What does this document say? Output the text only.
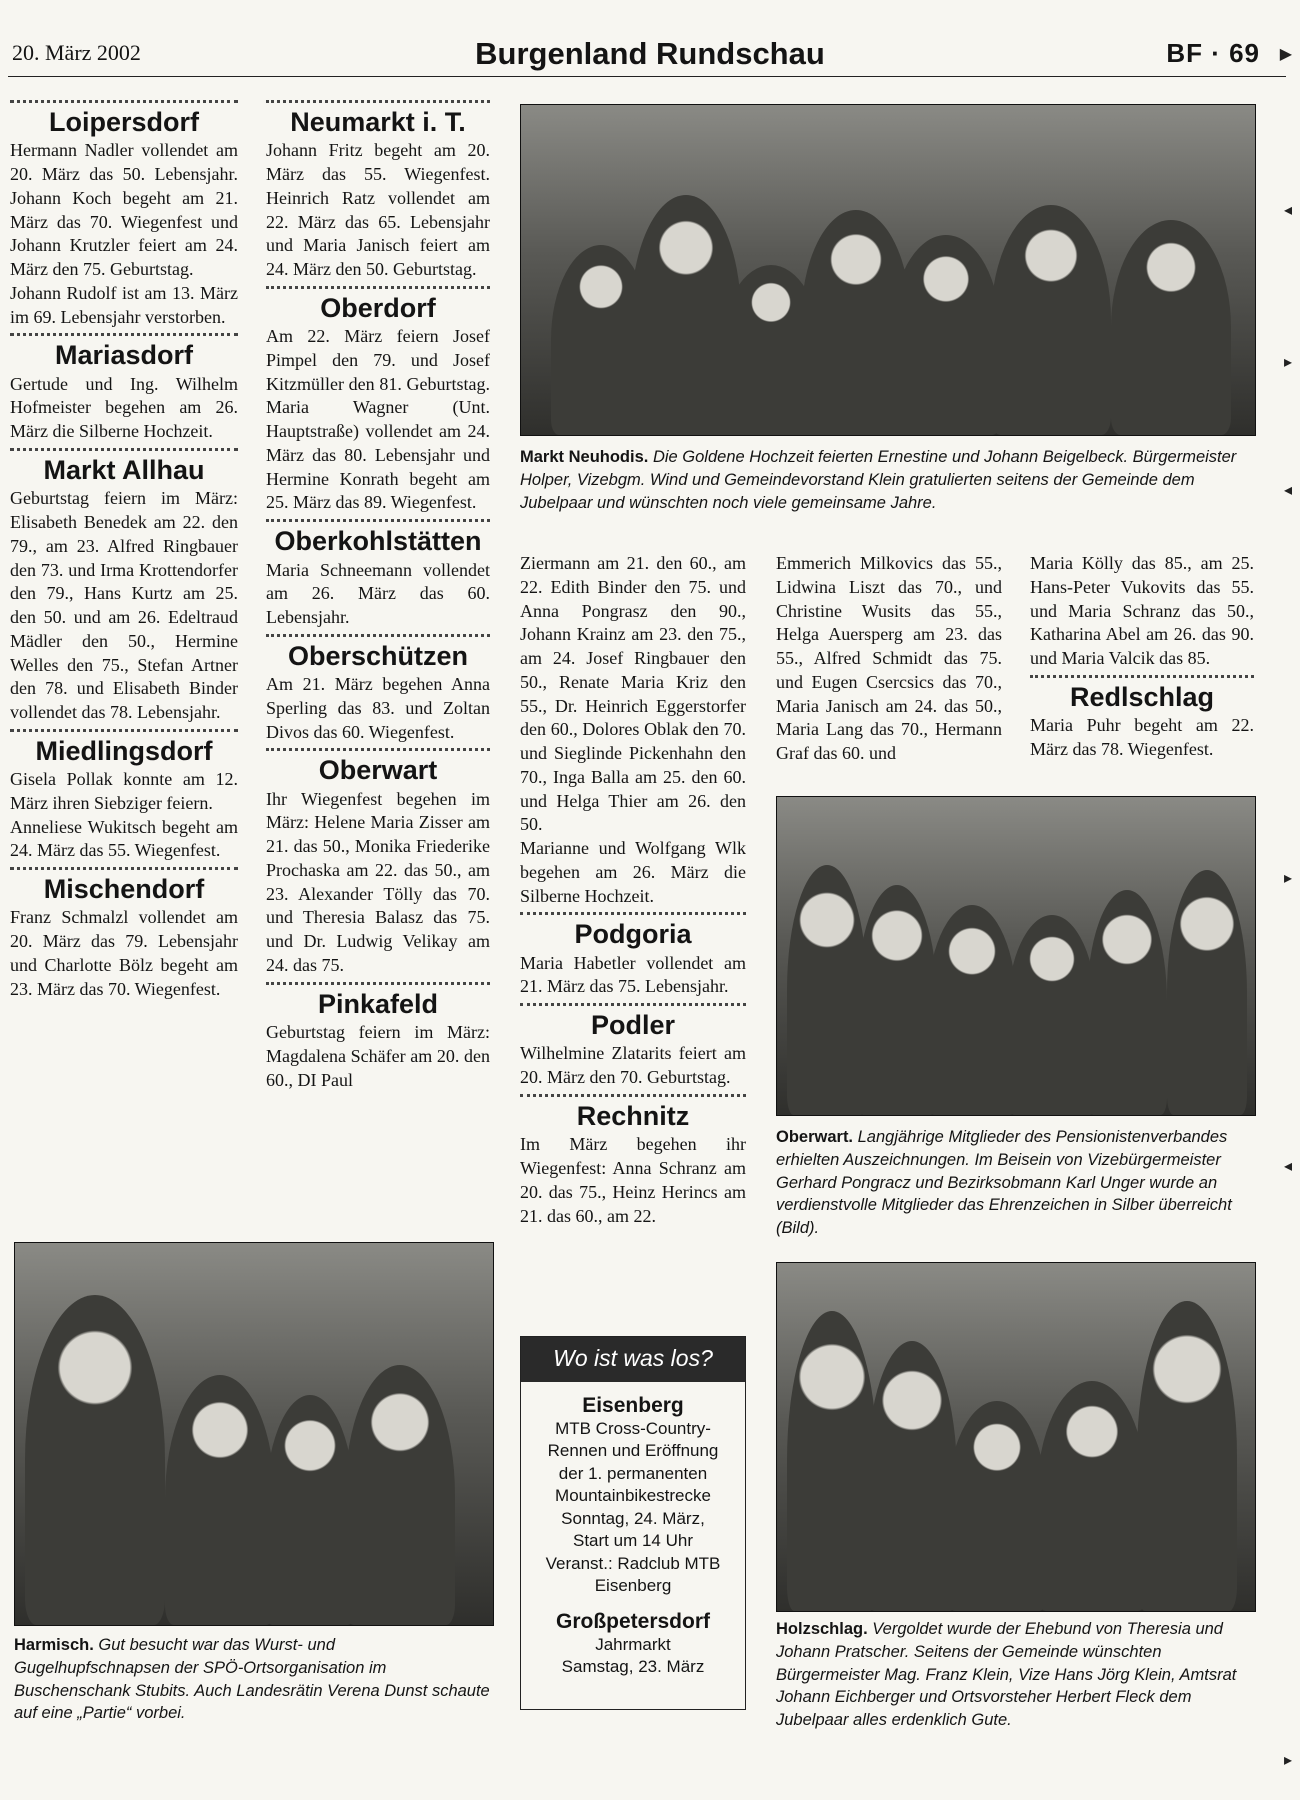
20. März 2002	Burgenland Rundschau	BF · 69
Loipersdorf

Hermann Nadler vollendet am 20. März das 50. Lebensjahr. Johann Koch begeht am 21. März das 70. Wiegenfest und Johann Krutzler feiert am 24. März den 75. Geburtstag.

Johann Rudolf ist am 13. März im 69. Lebensjahr verstorben.

Mariasdorf

Gertude und Ing. Wilhelm Hofmeister begehen am 26. März die Silberne Hochzeit.

Markt Allhau

Geburtstag feiern im März: Elisabeth Benedek am 22. den 79., am 23. Alfred Ringbauer den 73. und Irma Krottendorfer den 79., Hans Kurtz am 25. den 50. und am 26. Edeltraud Mädler den 50., Hermine Welles den 75., Stefan Artner den 78. und Elisabeth Binder vollendet das 78. Lebensjahr.

Miedlingsdorf

Gisela Pollak konnte am 12. März ihren Siebziger feiern.

Anneliese Wukitsch begeht am 24. März das 55. Wiegenfest.

Mischendorf

Franz Schmalzl vollendet am 20. März das 79. Lebensjahr und Charlotte Bölz begeht am 23. März das 70. Wiegenfest.

Neumarkt i. T.

Johann Fritz begeht am 20. März das 55. Wiegenfest. Heinrich Ratz vollendet am 22. März das 65. Lebensjahr und Maria Janisch feiert am 24. März den 50. Geburtstag.

Oberdorf

Am 22. März feiern Josef Pimpel den 79. und Josef Kitzmüller den 81. Geburtstag. Maria Wagner (Unt. Hauptstraße) vollendet am 24. März das 80. Lebensjahr und Hermine Konrath begeht am 25. März das 89. Wiegenfest.

Oberkohlstätten

Maria Schneemann vollendet am 26. März das 60. Lebensjahr.

Oberschützen

Am 21. März begehen Anna Sperling das 83. und Zoltan Divos das 60. Wiegenfest.

Oberwart

Ihr Wiegenfest begehen im März: Helene Maria Zisser am 21. das 50., Monika Friederike Prochaska am 22. das 50., am 23. Alexander Tölly das 70. und Theresia Balasz das 75. und Dr. Ludwig Velikay am 24. das 75.

Pinkafeld

Geburtstag feiern im März: Magdalena Schäfer am 20. den 60., DI Paul

Ziermann am 21. den 60., am 22. Edith Binder den 75. und Anna Pongrasz den 90., Johann Krainz am 23. den 75., am 24. Josef Ringbauer den 50., Renate Maria Kriz den 55., Dr. Heinrich Eggerstorfer den 60., Dolores Oblak den 70. und Sieglinde Pickenhahn den 70., Inga Balla am 25. den 60. und Helga Thier am 26. den 50.

Marianne und Wolfgang Wlk begehen am 26. März die Silberne Hochzeit.

Podgoria

Maria Habetler vollendet am 21. März das 75. Lebensjahr.

Podler

Wilhelmine Zlatarits feiert am 20. März den 70. Geburtstag.

Rechnitz

Im März begehen ihr Wiegenfest: Anna Schranz am 20. das 75., Heinz Herincs am 21. das 60., am 22.

Emmerich Milkovics das 55., Lidwina Liszt das 70., und Christine Wusits das 55., Helga Auersperg am 23. das 55., Alfred Schmidt das 75. und Eugen Csercsics das 70., Maria Janisch am 24. das 50., Maria Lang das 70., Hermann Graf das 60. und

Maria Kölly das 85., am 25. Hans-Peter Vukovits das 55. und Maria Schranz das 50., Katharina Abel am 26. das 90. und Maria Valcik das 85.

Redlschlag

Maria Puhr begeht am 22. März das 78. Wiegenfest.

Markt Neuhodis. Die Goldene Hochzeit feierten Ernestine und Johann Beigelbeck. Bürgermeister Holper, Vizebgm. Wind und Gemeindevorstand Klein gratulierten seitens der Gemeinde dem Jubelpaar und wünschten noch viele gemeinsame Jahre.
Oberwart. Langjährige Mitglieder des Pensionistenverbandes erhielten Auszeichnungen. Im Beisein von Vizebürgermeister Gerhard Pongracz und Bezirksobmann Karl Unger wurde an verdienstvolle Mitglieder das Ehrenzeichen in Silber überreicht (Bild).
Harmisch. Gut besucht war das Wurst- und Gugelhupfschnapsen der SPÖ-Ortsorganisation im Buschenschank Stubits. Auch Landesrätin Verena Dunst schaute auf eine „Partie“ vorbei.
Holzschlag. Vergoldet wurde der Ehebund von Theresia und Johann Pratscher. Seitens der Gemeinde wünschten Bürgermeister Mag. Franz Klein, Vize Hans Jörg Klein, Amtsrat Johann Eichberger und Ortsvorsteher Herbert Fleck dem Jubelpaar alles erdenklich Gute.
Wo ist was los?
Eisenberg
MTB Cross-Country-
Rennen und Eröffnung
der 1. permanenten
Mountainbikestrecke
Sonntag, 24. März,
Start um 14 Uhr
Veranst.: Radclub MTB
Eisenberg
Großpetersdorf
Jahrmarkt
Samstag, 23. März
▶
◂
▸
◂
▸
◂
▸
